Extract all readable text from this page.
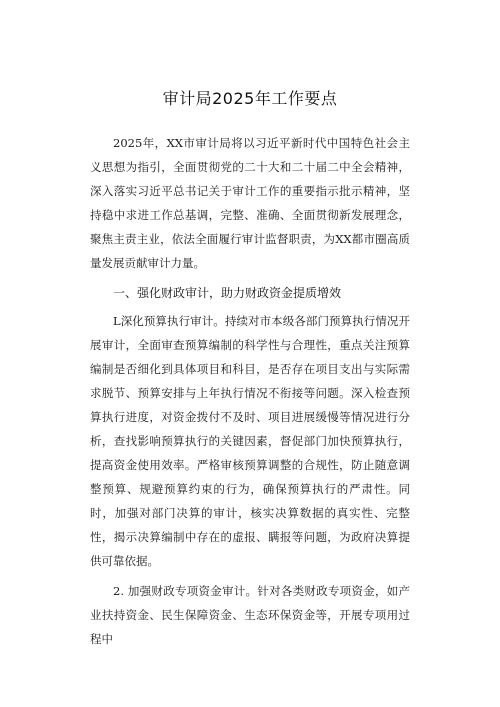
审计局2025年工作要点

2025年，XX市审计局将以习近平新时代中国特色社会主义思想为指引，全面贯彻党的二十大和二十届二中全会精神，深入落实习近平总书记关于审计工作的重要指示批示精神，坚持稳中求进工作总基调，完整、准确、全面贯彻新发展理念，聚焦主责主业，依法全面履行审计监督职责，为XX都市圈高质量发展贡献审计力量。

一、强化财政审计，助力财政资金提质增效

L深化预算执行审计。持续对市本级各部门预算执行情况开展审计，全面审查预算编制的科学性与合理性，重点关注预算编制是否细化到具体项目和科目，是否存在项目支出与实际需求脱节、预算安排与上年执行情况不衔接等问题。深入检查预算执行进度，对资金拨付不及时、项目进展缓慢等情况进行分析，查找影响预算执行的关键因素，督促部门加快预算执行，提高资金使用效率。严格审核预算调整的合规性，防止随意调整预算、规避预算约束的行为，确保预算执行的严肃性。同时，加强对部门决算的审计，核实决算数据的真实性、完整性，揭示决算编制中存在的虚报、瞒报等问题，为政府决算提供可靠依据。

2. 加强财政专项资金审计。针对各类财政专项资金，如产业扶持资金、民生保障资金、生态环保资金等，开展专项用过程中
